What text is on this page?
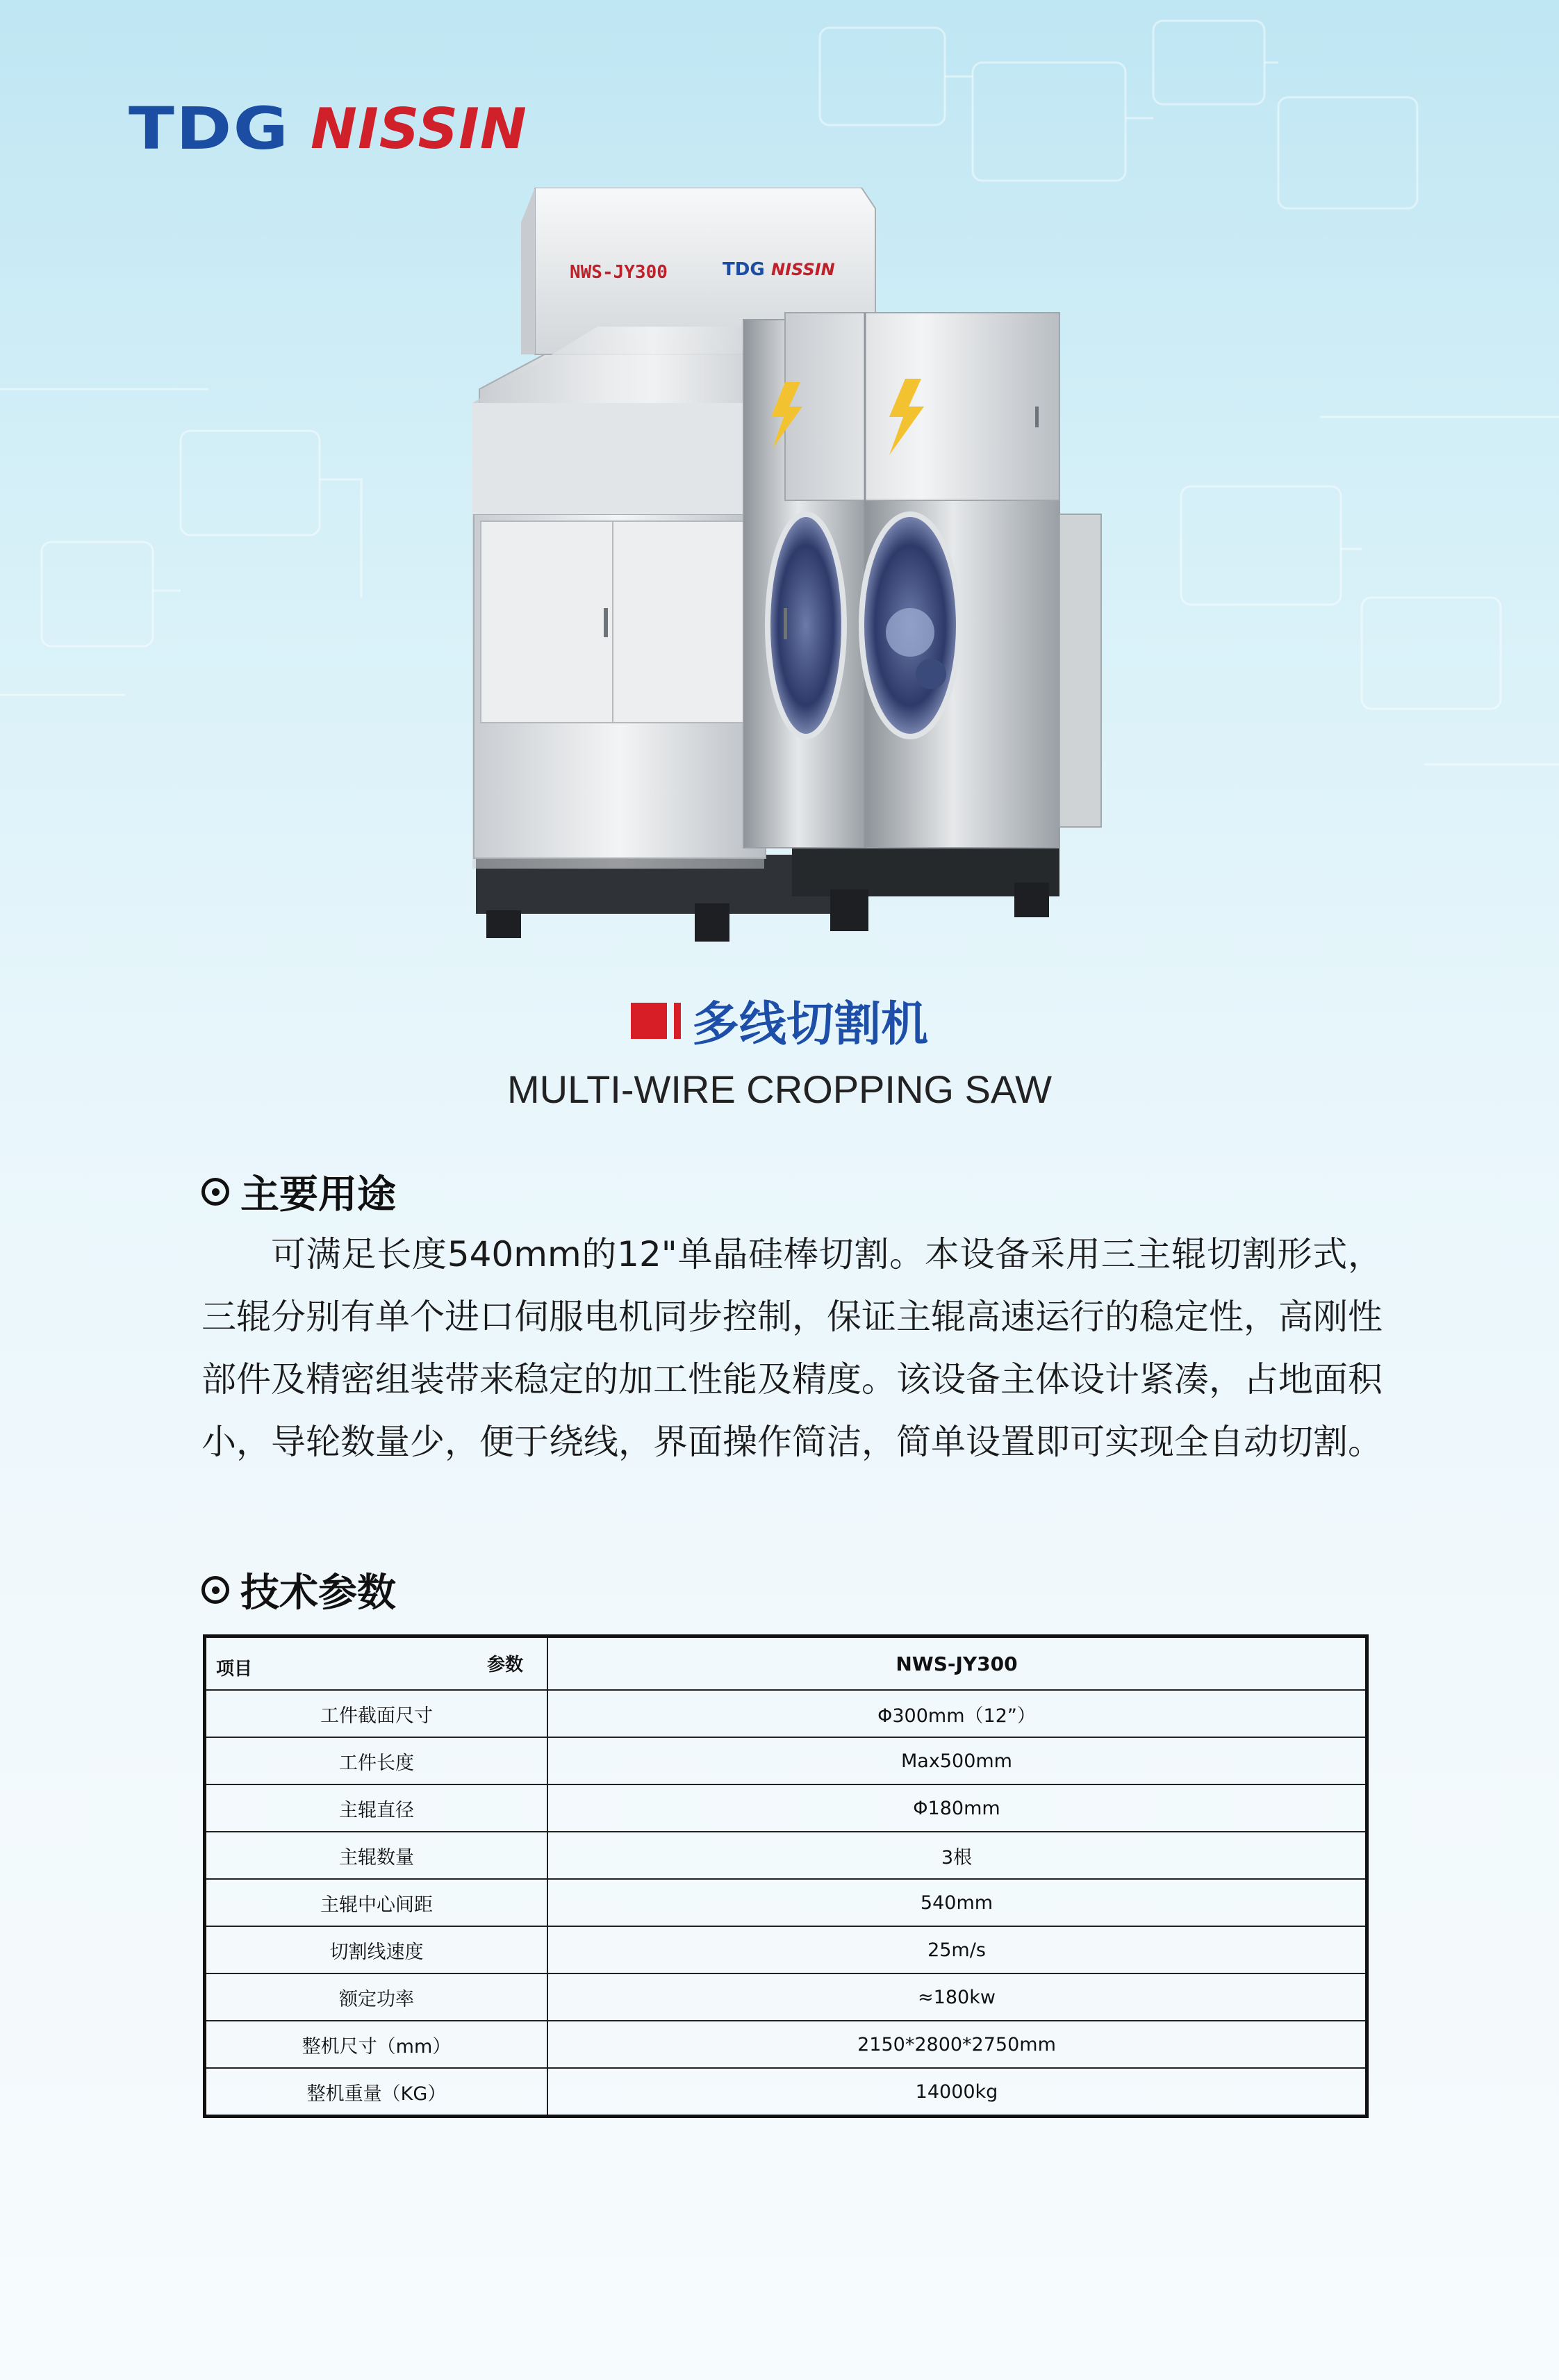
TDG NISSIN
NWS-JY300	TDG NISSIN
多线切割机
MULTI-WIRE CROPPING SAW
主要用途
可满足长度540mm的12"单晶硅棒切割。本设备采用三主辊切割形式，三辊分别有单个进口伺服电机同步控制，保证主辊高速运行的稳定性，高刚性部件及精密组装带来稳定的加工性能及精度。该设备主体设计紧凑，占地面积小，导轮数量少，便于绕线，界面操作简洁，简单设置即可实现全自动切割。
技术参数
项目 参数	NWS-JY300
工件截面尺寸	Φ300mm（12”）
工件长度	Max500mm
主辊直径	Φ180mm
主辊数量	3根
主辊中心间距	540mm
切割线速度	25m/s
额定功率	≈180kw
整机尺寸（mm）	2150*2800*2750mm
整机重量（KG）	14000kg
